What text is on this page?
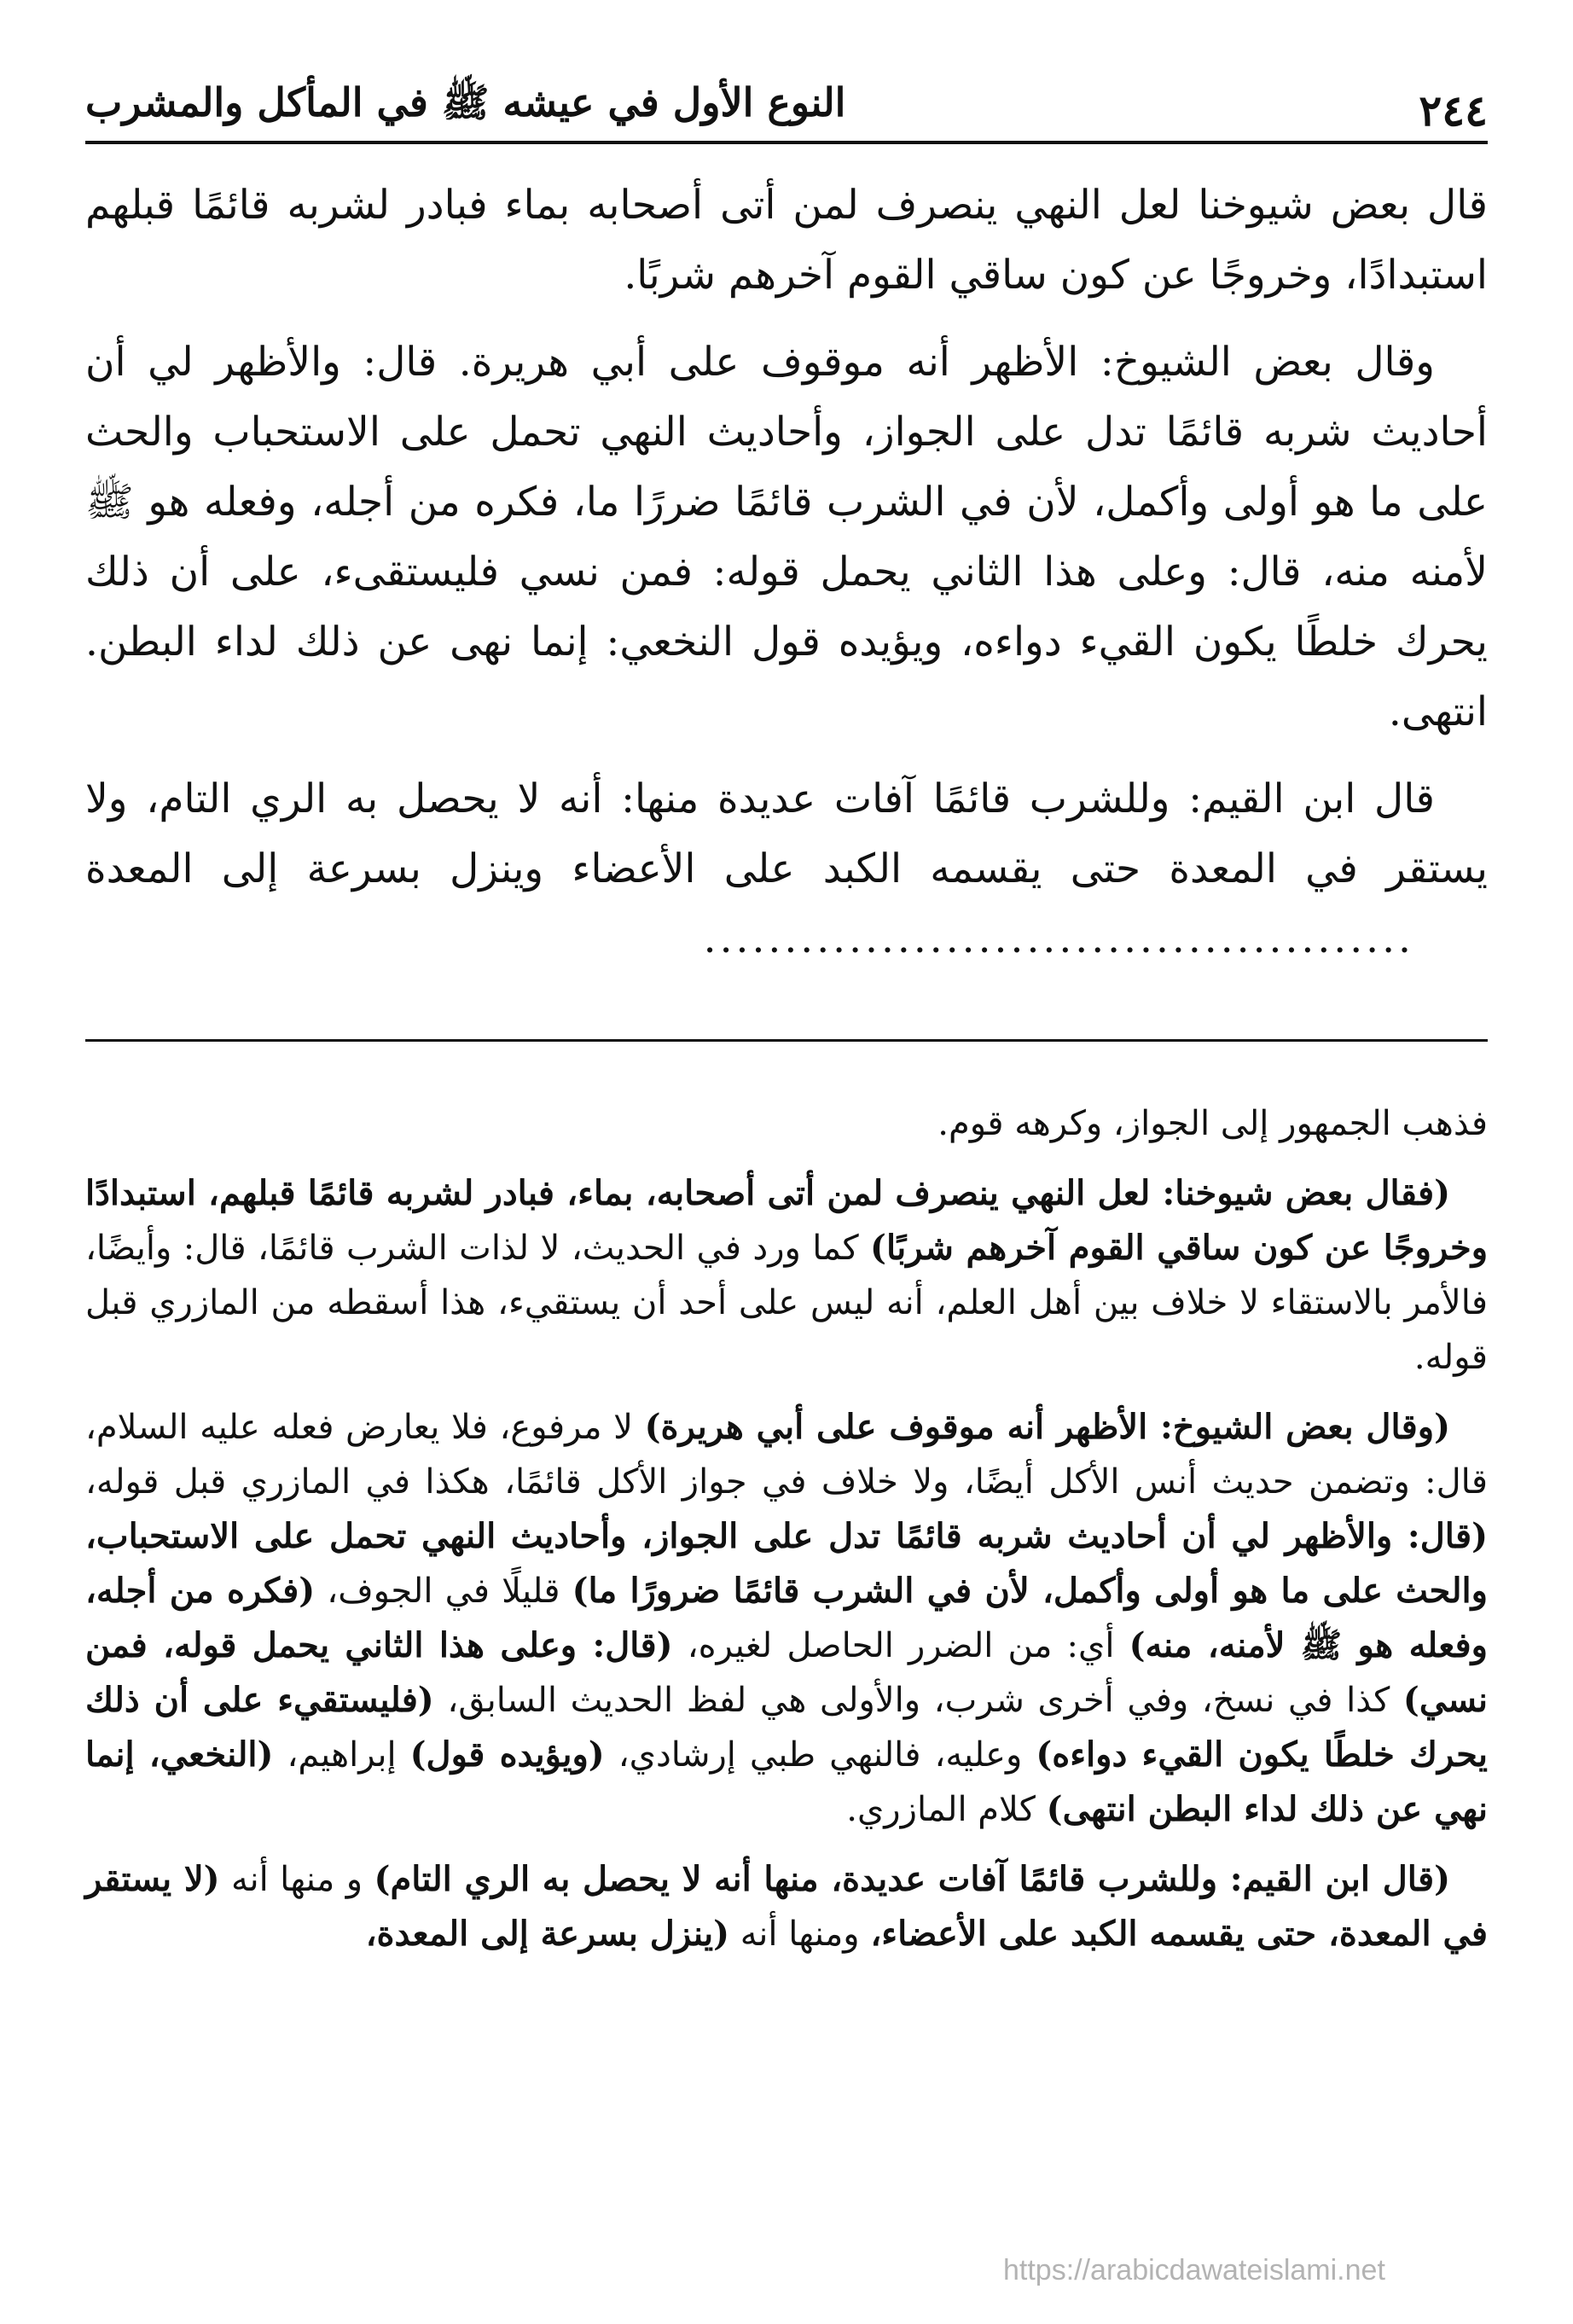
٢٤٤
النوع الأول في عيشه ﷺ في المأكل والمشرب

قال بعض شيوخنا لعل النهي ينصرف لمن أتى أصحابه بماء فبادر لشربه قائمًا قبلهم استبدادًا، وخروجًا عن كون ساقي القوم آخرهم شربًا.

وقال بعض الشيوخ: الأظهر أنه موقوف على أبي هريرة. قال: والأظهر لي أن أحاديث شربه قائمًا تدل على الجواز، وأحاديث النهي تحمل على الاستحباب والحث على ما هو أولى وأكمل، لأن في الشرب قائمًا ضررًا ما، فكره من أجله، وفعله هو ﷺ لأمنه منه، قال: وعلى هذا الثاني يحمل قوله: فمن نسي فليستقىء، على أن ذلك يحرك خلطًا يكون القيء دواءه، ويؤيده قول النخعي: إنما نهى عن ذلك لداء البطن. انتهى.

قال ابن القيم: وللشرب قائمًا آفات عديدة منها: أنه لا يحصل به الري التام، ولا يستقر في المعدة حتى يقسمه الكبد على الأعضاء وينزل بسرعة إلى المعدة............................................

فذهب الجمهور إلى الجواز، وكرهه قوم.

(فقال بعض شيوخنا: لعل النهي ينصرف لمن أتى أصحابه، بماء، فبادر لشربه قائمًا قبلهم، استبدادًا وخروجًا عن كون ساقي القوم آخرهم شربًا) كما ورد في الحديث، لا لذات الشرب قائمًا، قال: وأيضًا، فالأمر بالاستقاء لا خلاف بين أهل العلم، أنه ليس على أحد أن يستقيء، هذا أسقطه من المازري قبل قوله.

(وقال بعض الشيوخ: الأظهر أنه موقوف على أبي هريرة) لا مرفوع، فلا يعارض فعله عليه السلام، قال: وتضمن حديث أنس الأكل أيضًا، ولا خلاف في جواز الأكل قائمًا، هكذا في المازري قبل قوله، (قال: والأظهر لي أن أحاديث شربه قائمًا تدل على الجواز، وأحاديث النهي تحمل على الاستحباب، والحث على ما هو أولى وأكمل، لأن في الشرب قائمًا ضرورًا ما) قليلًا في الجوف، (فكره من أجله، وفعله هو ﷺ لأمنه، منه) أي: من الضرر الحاصل لغيره، (قال: وعلى هذا الثاني يحمل قوله، فمن نسي) كذا في نسخ، وفي أخرى شرب، والأولى هي لفظ الحديث السابق، (فليستقيء على أن ذلك يحرك خلطًا يكون القيء دواءه) وعليه، فالنهي طبي إرشادي، (ويؤيده قول) إبراهيم، (النخعي، إنما نهي عن ذلك لداء البطن انتهى) كلام المازري.

(قال ابن القيم: وللشرب قائمًا آفات عديدة، منها أنه لا يحصل به الري التام) و منها أنه (لا يستقر في المعدة، حتى يقسمه الكبد على الأعضاء، ومنها أنه (ينزل بسرعة إلى المعدة،

https://arabicdawateislami.net
